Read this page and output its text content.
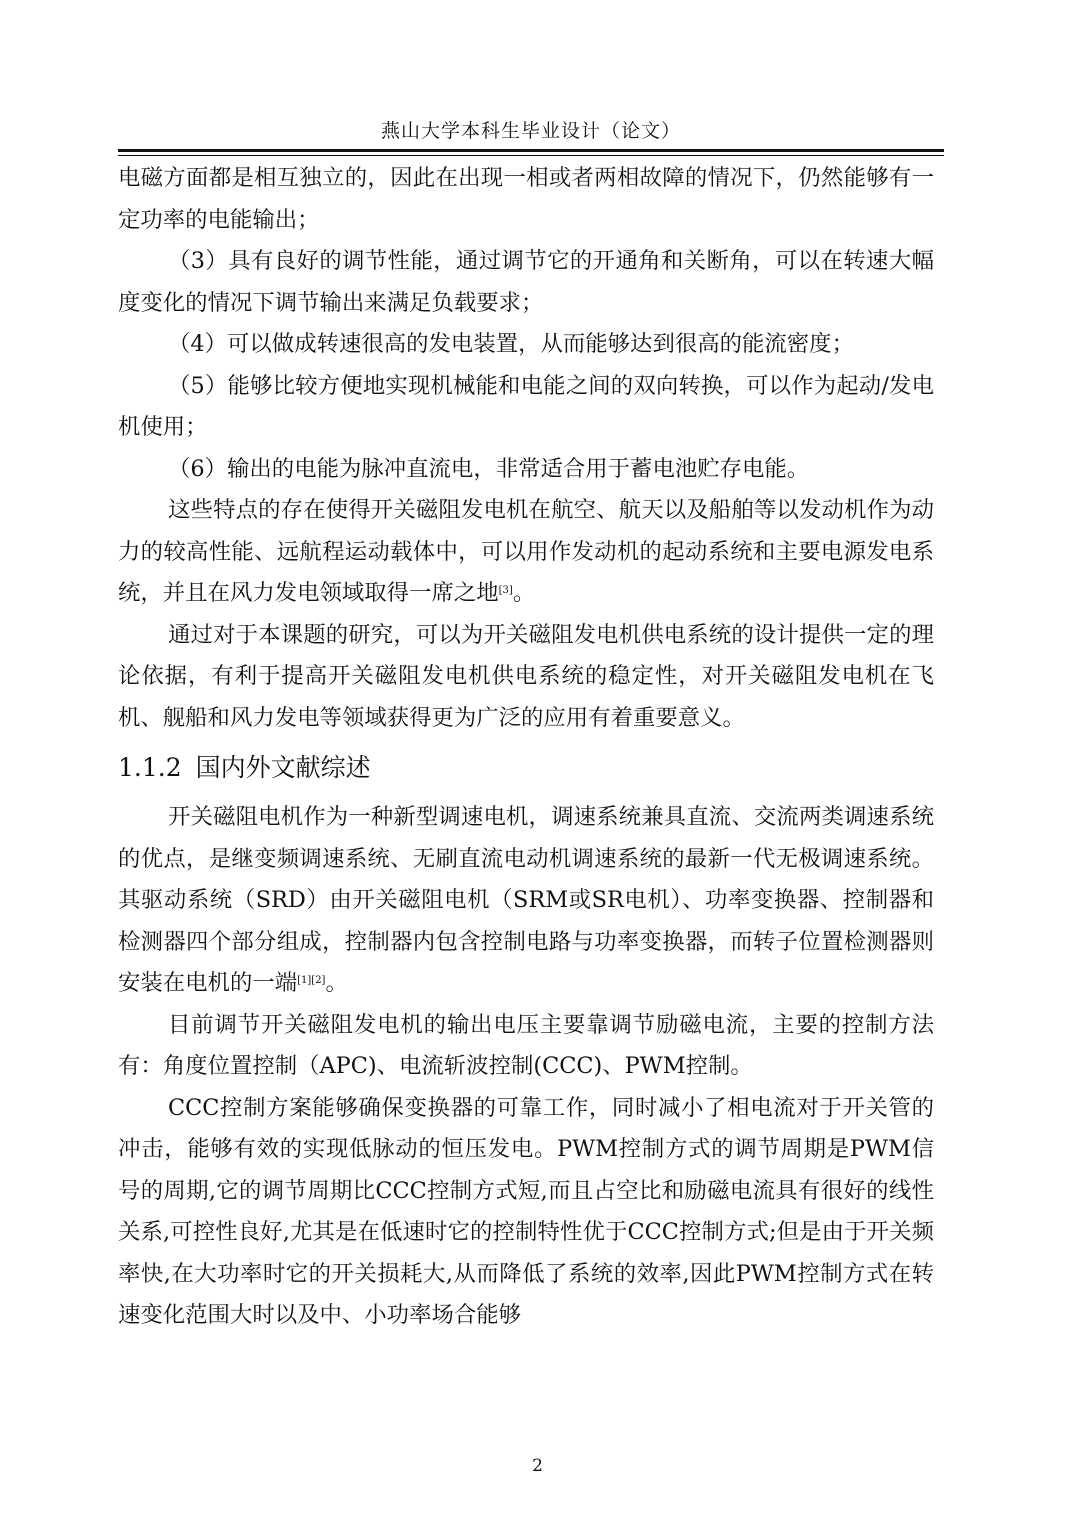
燕山大学本科生毕业设计（论文）

电磁方面都是相互独立的，因此在出现一相或者两相故障的情况下，仍然能够有一定功率的电能输出；

（3）具有良好的调节性能，通过调节它的开通角和关断角，可以在转速大幅度变化的情况下调节输出来满足负载要求；

（4）可以做成转速很高的发电装置，从而能够达到很高的能流密度；

（5）能够比较方便地实现机械能和电能之间的双向转换，可以作为起动/发电机使用；

（6）输出的电能为脉冲直流电，非常适合用于蓄电池贮存电能。

这些特点的存在使得开关磁阻发电机在航空、航天以及船舶等以发动机作为动力的较高性能、远航程运动载体中，可以用作发动机的起动系统和主要电源发电系统，并且在风力发电领域取得一席之地[3]。

通过对于本课题的研究，可以为开关磁阻发电机供电系统的设计提供一定的理论依据，有利于提高开关磁阻发电机供电系统的稳定性，对开关磁阻发电机在飞机、舰船和风力发电等领域获得更为广泛的应用有着重要意义。

1.1.2 国内外文献综述

开关磁阻电机作为一种新型调速电机，调速系统兼具直流、交流两类调速系统的优点，是继变频调速系统、无刷直流电动机调速系统的最新一代无极调速系统。其驱动系统（SRD）由开关磁阻电机（SRM或SR电机）、功率变换器、控制器和检测器四个部分组成，控制器内包含控制电路与功率变换器，而转子位置检测器则安装在电机的一端[1][2]。

目前调节开关磁阻发电机的输出电压主要靠调节励磁电流，主要的控制方法有：角度位置控制（APC)、电流斩波控制(CCC)、PWM控制。

CCC控制方案能够确保变换器的可靠工作，同时减小了相电流对于开关管的冲击，能够有效的实现低脉动的恒压发电。PWM控制方式的调节周期是PWM信号的周期,它的调节周期比CCC控制方式短,而且占空比和励磁电流具有很好的线性关系,可控性良好,尤其是在低速时它的控制特性优于CCC控制方式;但是由于开关频率快,在大功率时它的开关损耗大,从而降低了系统的效率,因此PWM控制方式在转速变化范围大时以及中、小功率场合能够

2
